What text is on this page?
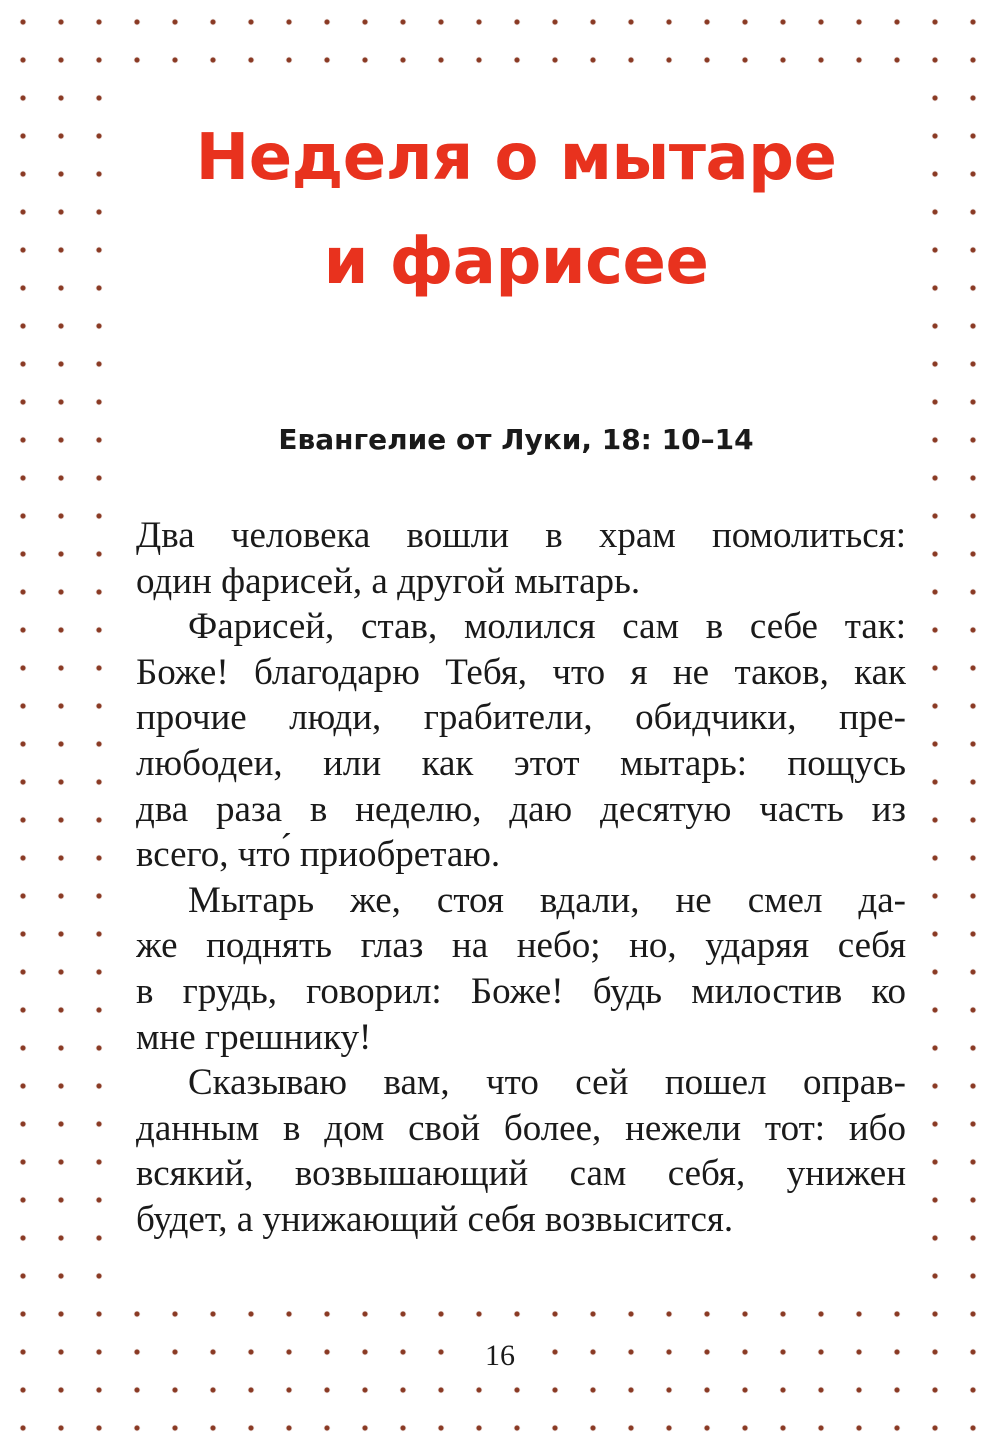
Неделя о мытаре
и фарисее
Евангелие от Луки, 18: 10–14

Два человека вошли в храм помолиться:
один фарисей, а другой мытарь.

Фарисей, став, молился сам в себе так:
Боже! благодарю Тебя, что я не таков, как
прочие люди, грабители, обидчики, пре-
любодеи, или как этот мытарь: пощусь
два раза в неделю, даю десятую часть из
всего, что́ приобретаю.

Мытарь же, стоя вдали, не смел да-
же поднять глаз на небо; но, ударяя себя
в грудь, говорил: Боже! будь милостив ко
мне грешнику!

Сказываю вам, что сей пошел оправ-
данным в дом свой более, нежели тот: ибо
всякий, возвышающий сам себя, унижен
будет, а унижающий себя возвысится.

16
